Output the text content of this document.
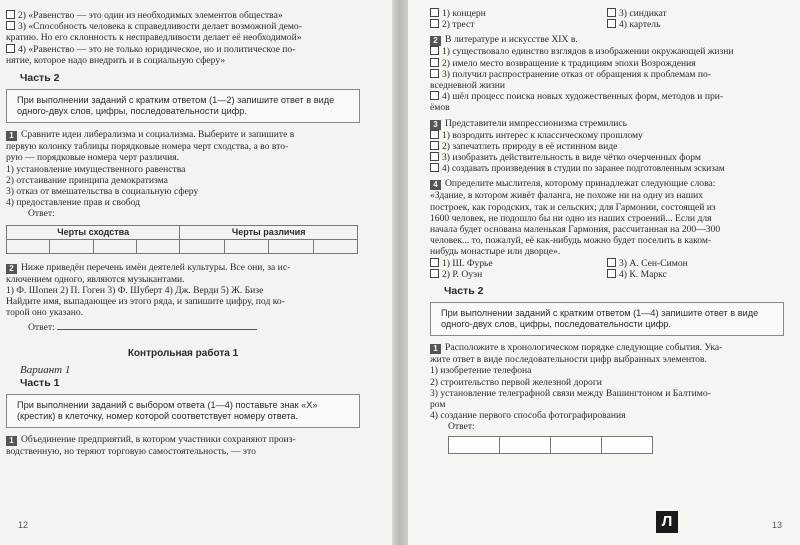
2) «Равенство — это один из необходимых элементов общества»
3) «Способность человека к справедливости делает возможной демо-
кратию. Но его склонность к несправедливости делает её необходимой»
4) «Равенство — это не только юридическое, но и политическое по-
нятие, которое надо внедрить и в социальную сферу»
Часть 2
При выполнении заданий с кратким ответом (1—2) запишите ответ в виде одного-двух слов, цифры, последовательности цифр.
1 Сравните идеи либерализма и социализма. Выберите и запишите в
первую колонку таблицы порядковые номера черт сходства, а во вто-
рую — порядковые номера черт различия.
1) установление имущественного равенства
2) отстаивание принципа демократизма
3) отказ от вмешательства в социальную сферу
4) предоставление прав и свобод
Ответ:
Черты сходства				Черты различия			

2 Ниже приведён перечень имён деятелей культуры. Все они, за ис-
ключением одного, являются музыкантами.
1) Ф. Шопен 2) П. Гоген 3) Ф. Шуберт 4) Дж. Верди 5) Ж. Бизе
Найдите имя, выпадающее из этого ряда, и запишите цифру, под ко-
торой оно указано.
Ответ:
Контрольная работа 1
Вариант 1
Часть 1
При выполнении заданий с выбором ответа (1—4) поставьте знак «X» (крестик) в клеточку, номер которой соответствует номеру ответа.
1 Объединение предприятий, в котором участники сохраняют произ-
водственную, но теряют торговую самостоятельность, — это
12
1) концерн	3) синдикат
2) трест	4) картель
2 В литературе и искусстве XIX в.
1) существовало единство взглядов в изображении окружающей жизни
2) имело место возвращение к традициям эпохи Возрождения
3) получил распространение отказ от обращения к проблемам по-
вседневной жизни
4) шёл процесс поиска новых художественных форм, методов и при-
ёмов
3 Представители импрессионизма стремились
1) возродить интерес к классическому прошлому
2) запечатлеть природу в её истинном виде
3) изобразить действительность в виде чётко очерченных форм
4) создавать произведения в студии по заранее подготовленным эскизам
4 Определите мыслителя, которому принадлежат следующие слова:
«Здание, в котором живёт фаланга, не похоже ни на одну из наших
построек, как городских, так и сельских; для Гармонии, состоящей из
1600 человек, не подошло бы ни одно из наших строений... Если для
начала будет основана маленькая Гармония, рассчитанная на 200—300
человек... то, пожалуй, её как-нибудь можно будет поселить в каком-
нибудь монастыре или дворце».
1) Ш. Фурье	3) А. Сен-Симон
2) Р. Оуэн	4) К. Маркс
Часть 2
При выполнении заданий с кратким ответом (1—4) запишите ответ в виде одного-двух слов, цифры, последовательности цифр.
1 Расположите в хронологическом порядке следующие события. Ука-
жите ответ в виде последовательности цифр выбранных элементов.
1) изобретение телефона
2) строительство первой железной дороги
3) установление телеграфной связи между Вашингтоном и Балтимо-
ром
4) создание первого способа фотографирования
Ответ:
Л	13
